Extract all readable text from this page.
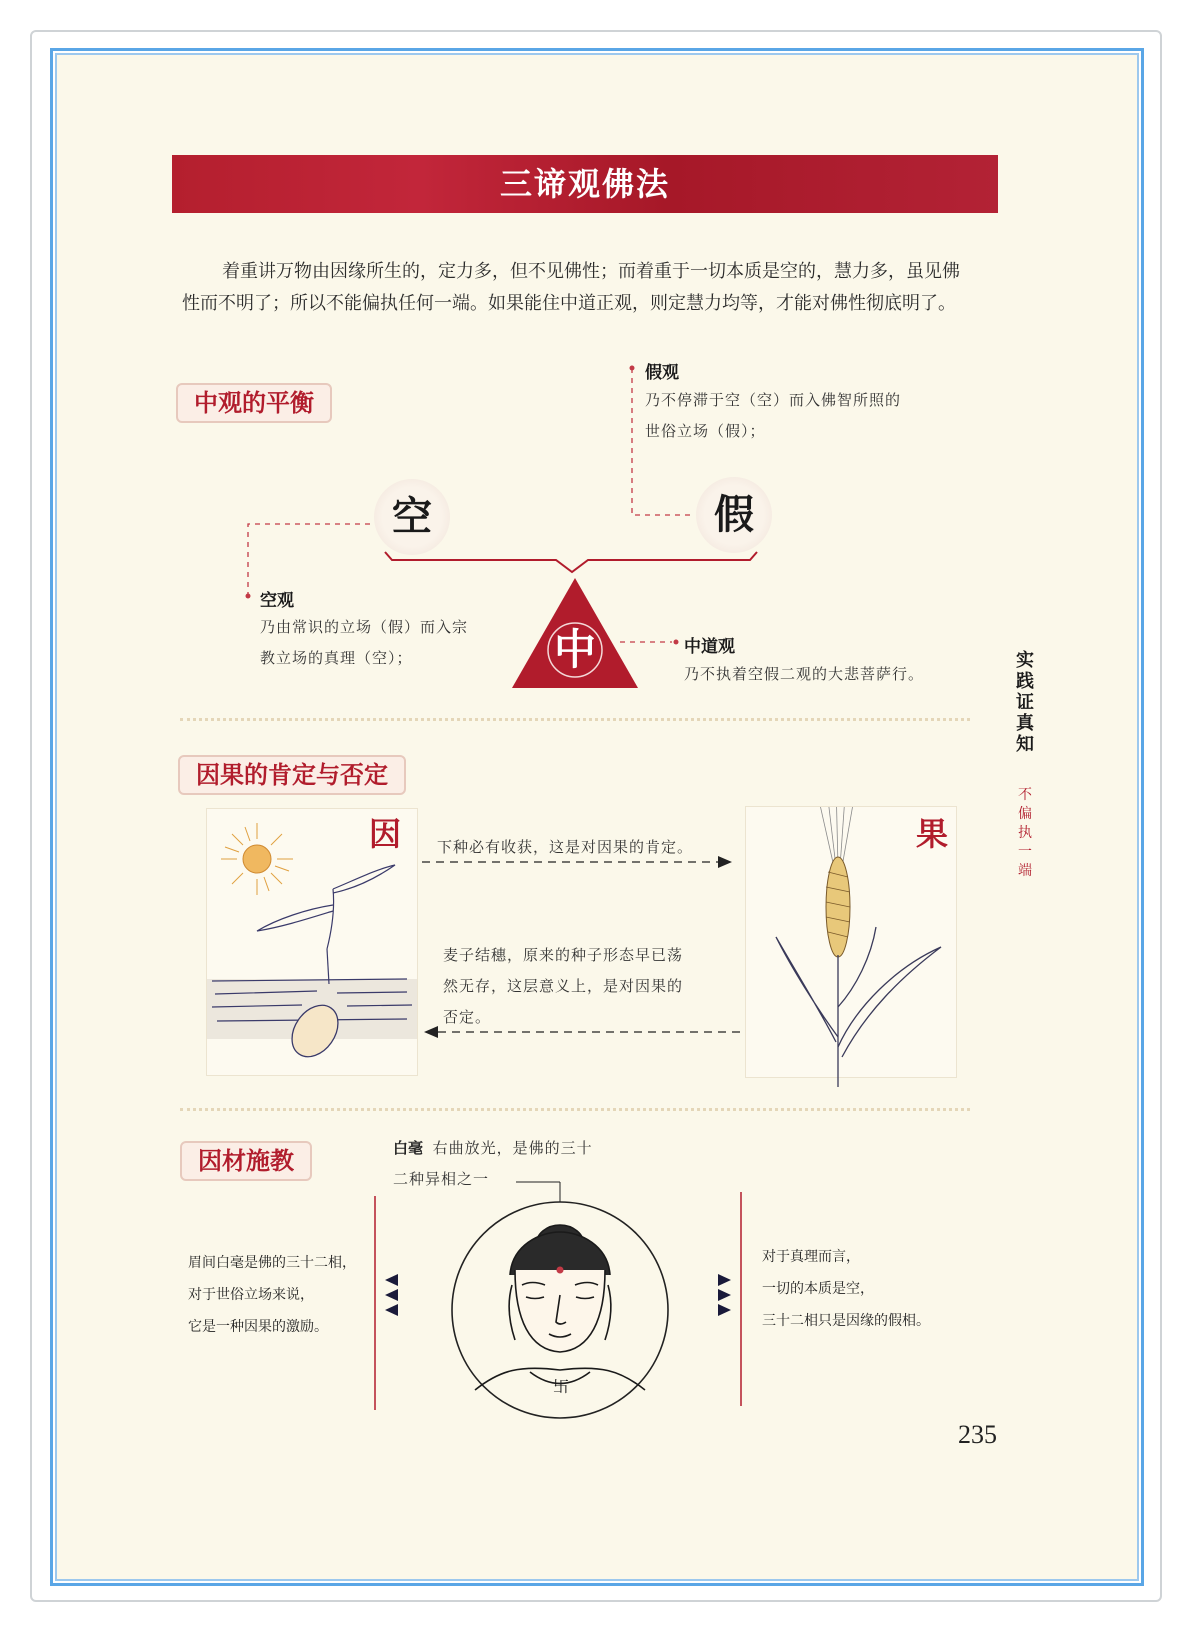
三谛观佛法

着重讲万物由因缘所生的，定力多，但不见佛性；而着重于一切本质是空的，慧力多，虽见佛性而不明了；所以不能偏执任何一端。如果能住中道正观，则定慧力均等，才能对佛性彻底明了。

中观的平衡
空	假
中
假观
乃不停滞于空（空）而入佛智所照的
世俗立场（假）；
空观
乃由常识的立场（假）而入宗
教立场的真理（空）；
中道观
乃不执着空假二观的大悲菩萨行。
实践证真知
不偏执一端
因果的肯定与否定
因	果
下种必有收获，这是对因果的肯定。
麦子结穗，原来的种子形态早已荡
然无存，这层意义上，是对因果的
否定。
因材施教	白毫 右曲放光，是佛的三十
二种异相之一
卐
眉间白毫是佛的三十二相，
对于世俗立场来说，
它是一种因果的激励。
对于真理而言，
一切的本质是空，
三十二相只是因缘的假相。
235
